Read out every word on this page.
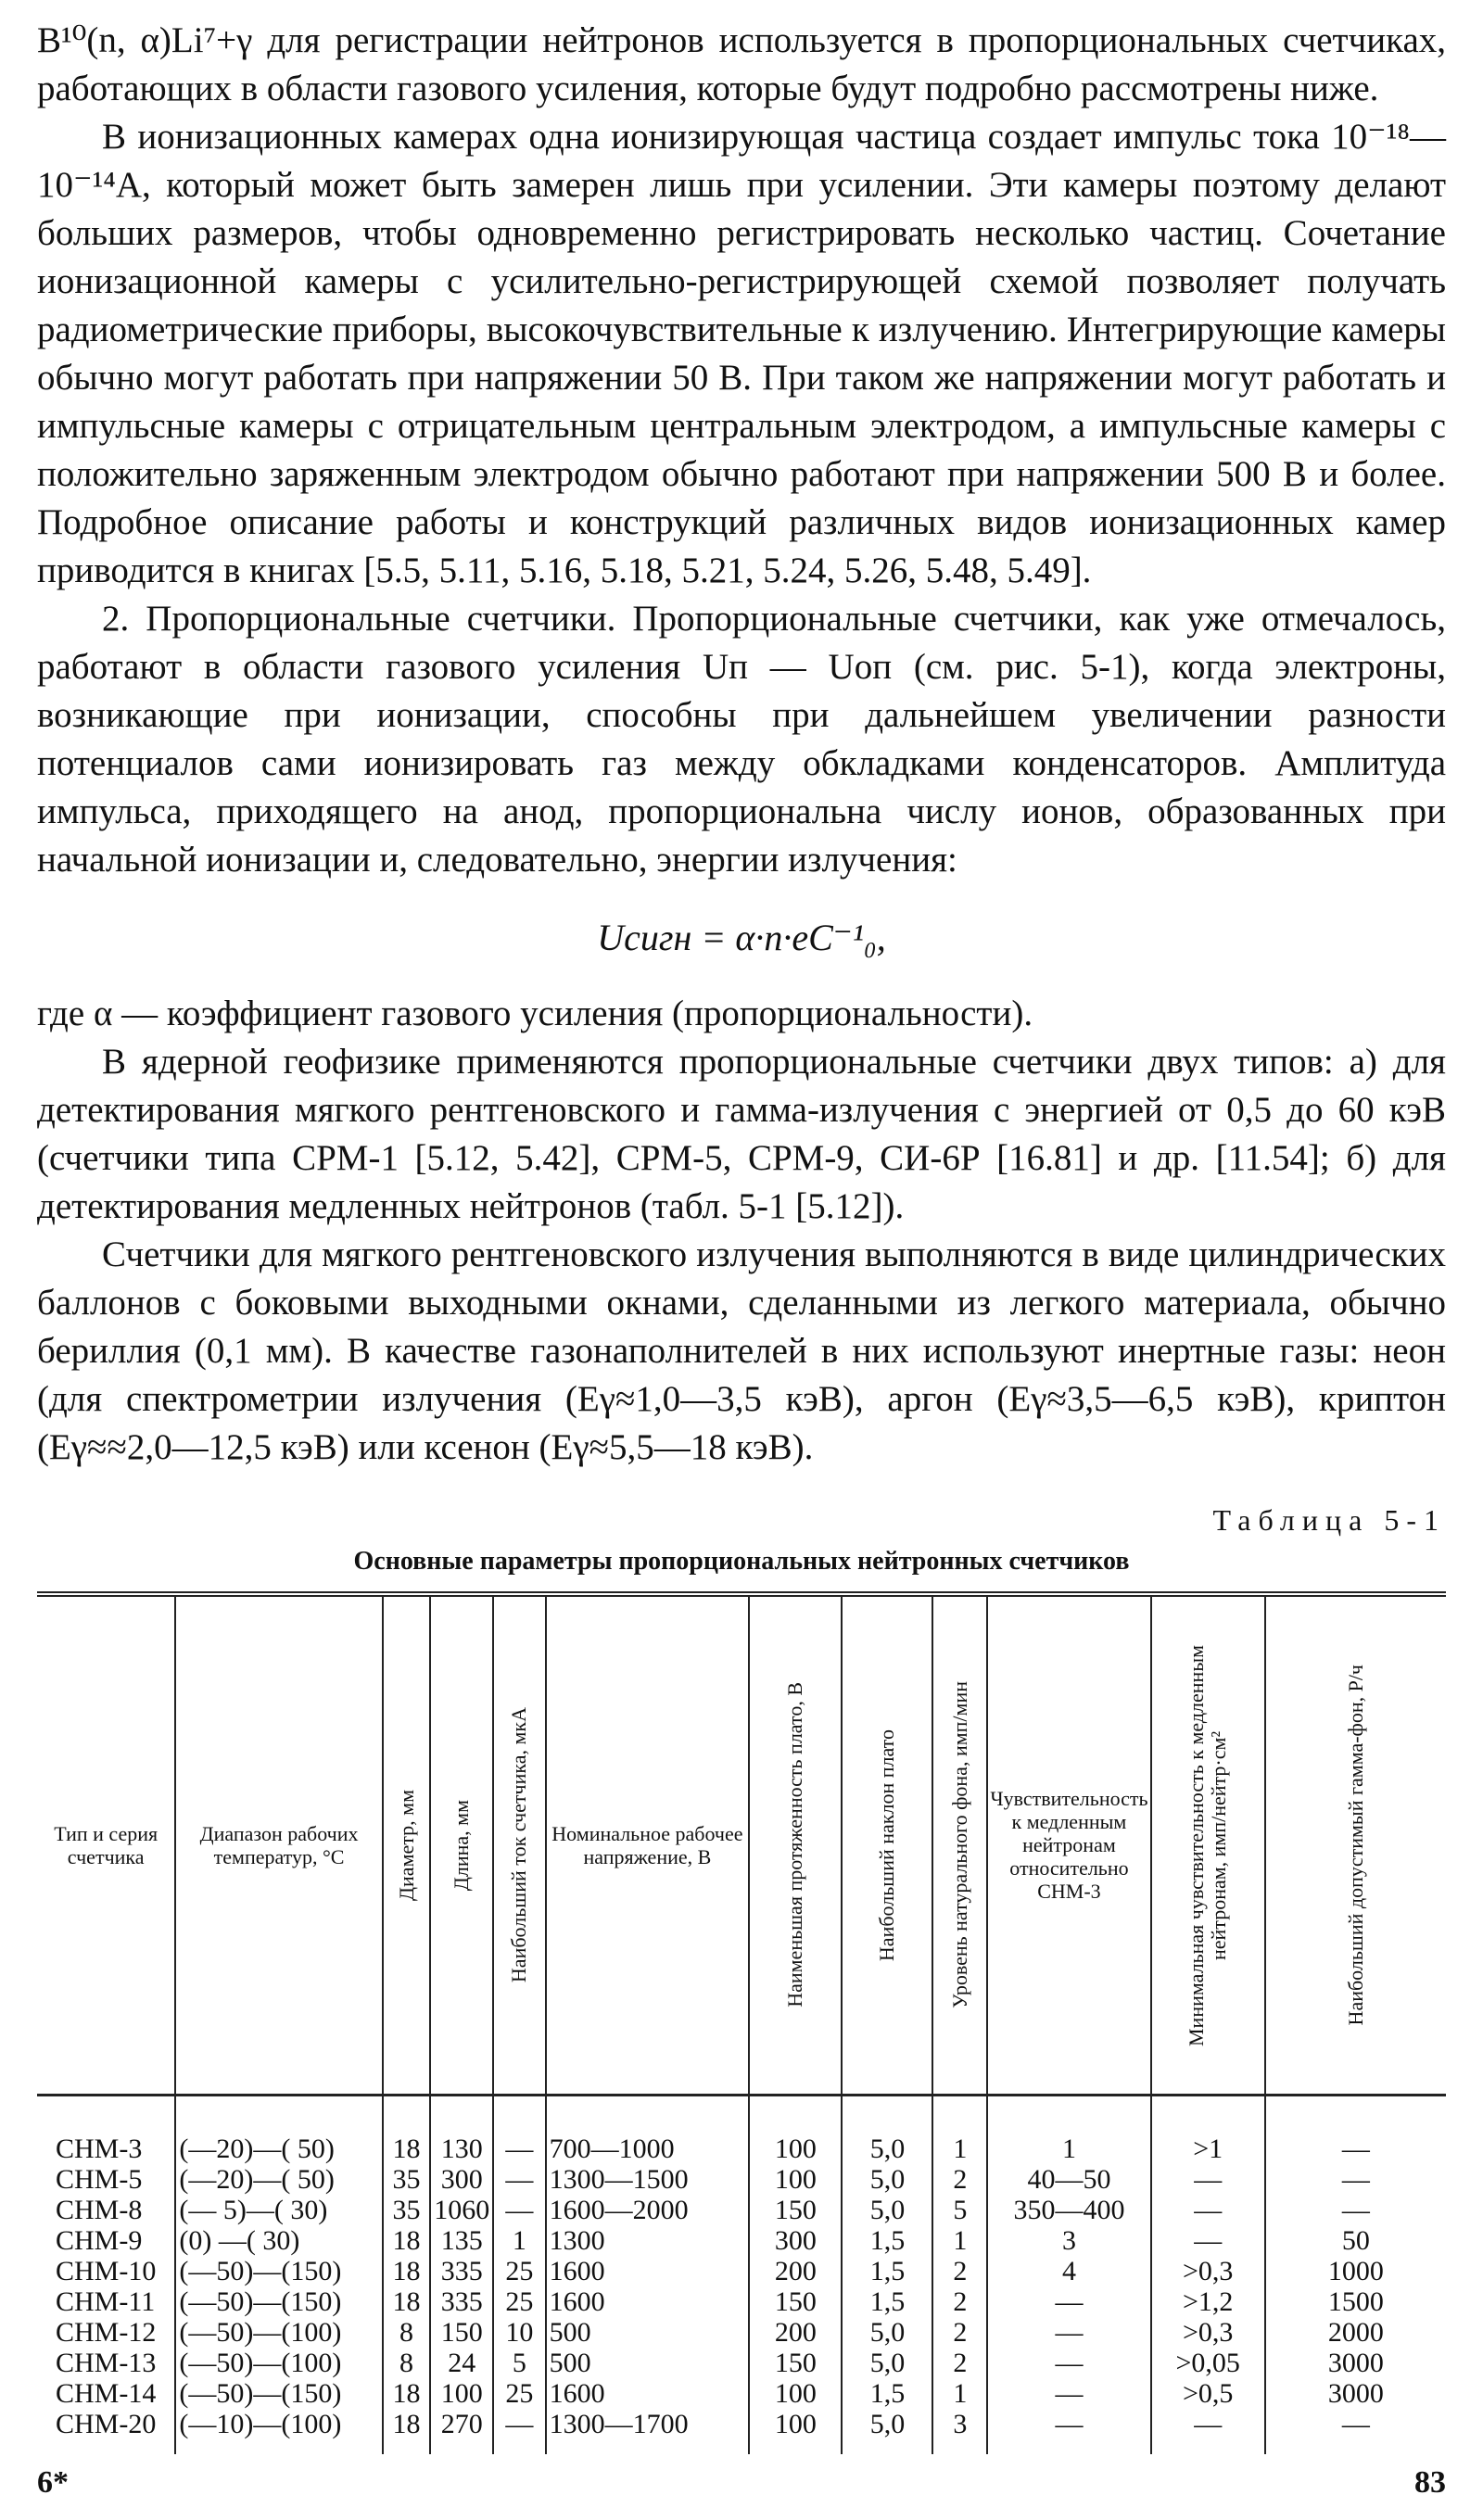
B¹⁰(n, α)Li⁷+γ для регистрации нейтронов используется в пропорциональных счетчиках, работающих в области газового усиления, которые будут подробно рассмотрены ниже.

В ионизационных камерах одна ионизирующая частица создает импульс тока 10⁻¹⁸—10⁻¹⁴А, который может быть замерен лишь при усилении. Эти камеры поэтому делают больших размеров, чтобы одновременно регистрировать несколько частиц. Сочетание ионизационной камеры с усилительно-регистрирующей схемой позволяет получать радиометрические приборы, высокочувствительные к излучению. Интегрирующие камеры обычно могут работать при напряжении 50 В. При таком же напряжении могут работать и импульсные камеры с отрицательным центральным электродом, а импульсные камеры с положительно заряженным электродом обычно работают при напряжении 500 В и более. Подробное описание работы и конструкций различных видов ионизационных камер приводится в книгах [5.5, 5.11, 5.16, 5.18, 5.21, 5.24, 5.26, 5.48, 5.49].

2. Пропорциональные счетчики. Пропорциональные счетчики, как уже отмечалось, работают в области газового усиления Uп — Uоп (см. рис. 5-1), когда электроны, возникающие при ионизации, способны при дальнейшем увеличении разности потенциалов сами ионизировать газ между обкладками конденсаторов. Амплитуда импульса, приходящего на анод, пропорциональна числу ионов, образованных при начальной ионизации и, следовательно, энергии излучения:

Uсигн = α·n·eC⁻¹₀,

где α — коэффициент газового усиления (пропорциональности).

В ядерной геофизике применяются пропорциональные счетчики двух типов: а) для детектирования мягкого рентгеновского и гамма-излучения с энергией от 0,5 до 60 кэВ (счетчики типа СРМ-1 [5.12, 5.42], СРМ-5, СРМ-9, СИ-6Р [16.81] и др. [11.54]; б) для детектирования медленных нейтронов (табл. 5-1 [5.12]).

Счетчики для мягкого рентгеновского излучения выполняются в виде цилиндрических баллонов с боковыми выходными окнами, сделанными из легкого материала, обычно бериллия (0,1 мм). В качестве газонаполнителей в них используют инертные газы: неон (для спектрометрии излучения (Eγ≈1,0—3,5 кэВ), аргон (Eγ≈3,5—6,5 кэВ), криптон (Eγ≈≈2,0—12,5 кэВ) или ксенон (Eγ≈5,5—18 кэВ).

Таблица 5-1
Основные параметры пропорциональных нейтронных счетчиков
Тип и серия счетчика	Диапазон рабочих температур, °C	Диаметр, мм	Длина, мм	Наибольший ток счетчика, мкА	Номинальное рабочее напряжение, В	Наименьшая протяженность плато, В	Наибольший наклон плато	Уровень натурального фона, имп/мин	Чувствительность к медленным нейтронам относительно СНМ-3	Минимальная чувствительность к медленным нейтронам, имп/нейтр·см²	Наибольший допустимый гамма-фон, Р/ч

СНМ-3	(—20)—( 50)	18	130	—	700—1000	100	5,0	1	1	>1	—
СНМ-5	(—20)—( 50)	35	300	—	1300—1500	100	5,0	2	40—50	—	—
СНМ-8	(— 5)—( 30)	35	1060	—	1600—2000	150	5,0	5	350—400	—	—
СНМ-9	(0) —( 30)	18	135	1	1300	300	1,5	1	3	—	50
СНМ-10	(—50)—(150)	18	335	25	1600	200	1,5	2	4	>0,3	1000
СНМ-11	(—50)—(150)	18	335	25	1600	150	1,5	2	—	>1,2	1500
СНМ-12	(—50)—(100)	8	150	10	500	200	5,0	2	—	>0,3	2000
СНМ-13	(—50)—(100)	8	24	5	500	150	5,0	2	—	>0,05	3000
СНМ-14	(—50)—(150)	18	100	25	1600	100	1,5	1	—	>0,5	3000
СНМ-20	(—10)—(100)	18	270	—	1300—1700	100	5,0	3	—	—	—
6*	83
